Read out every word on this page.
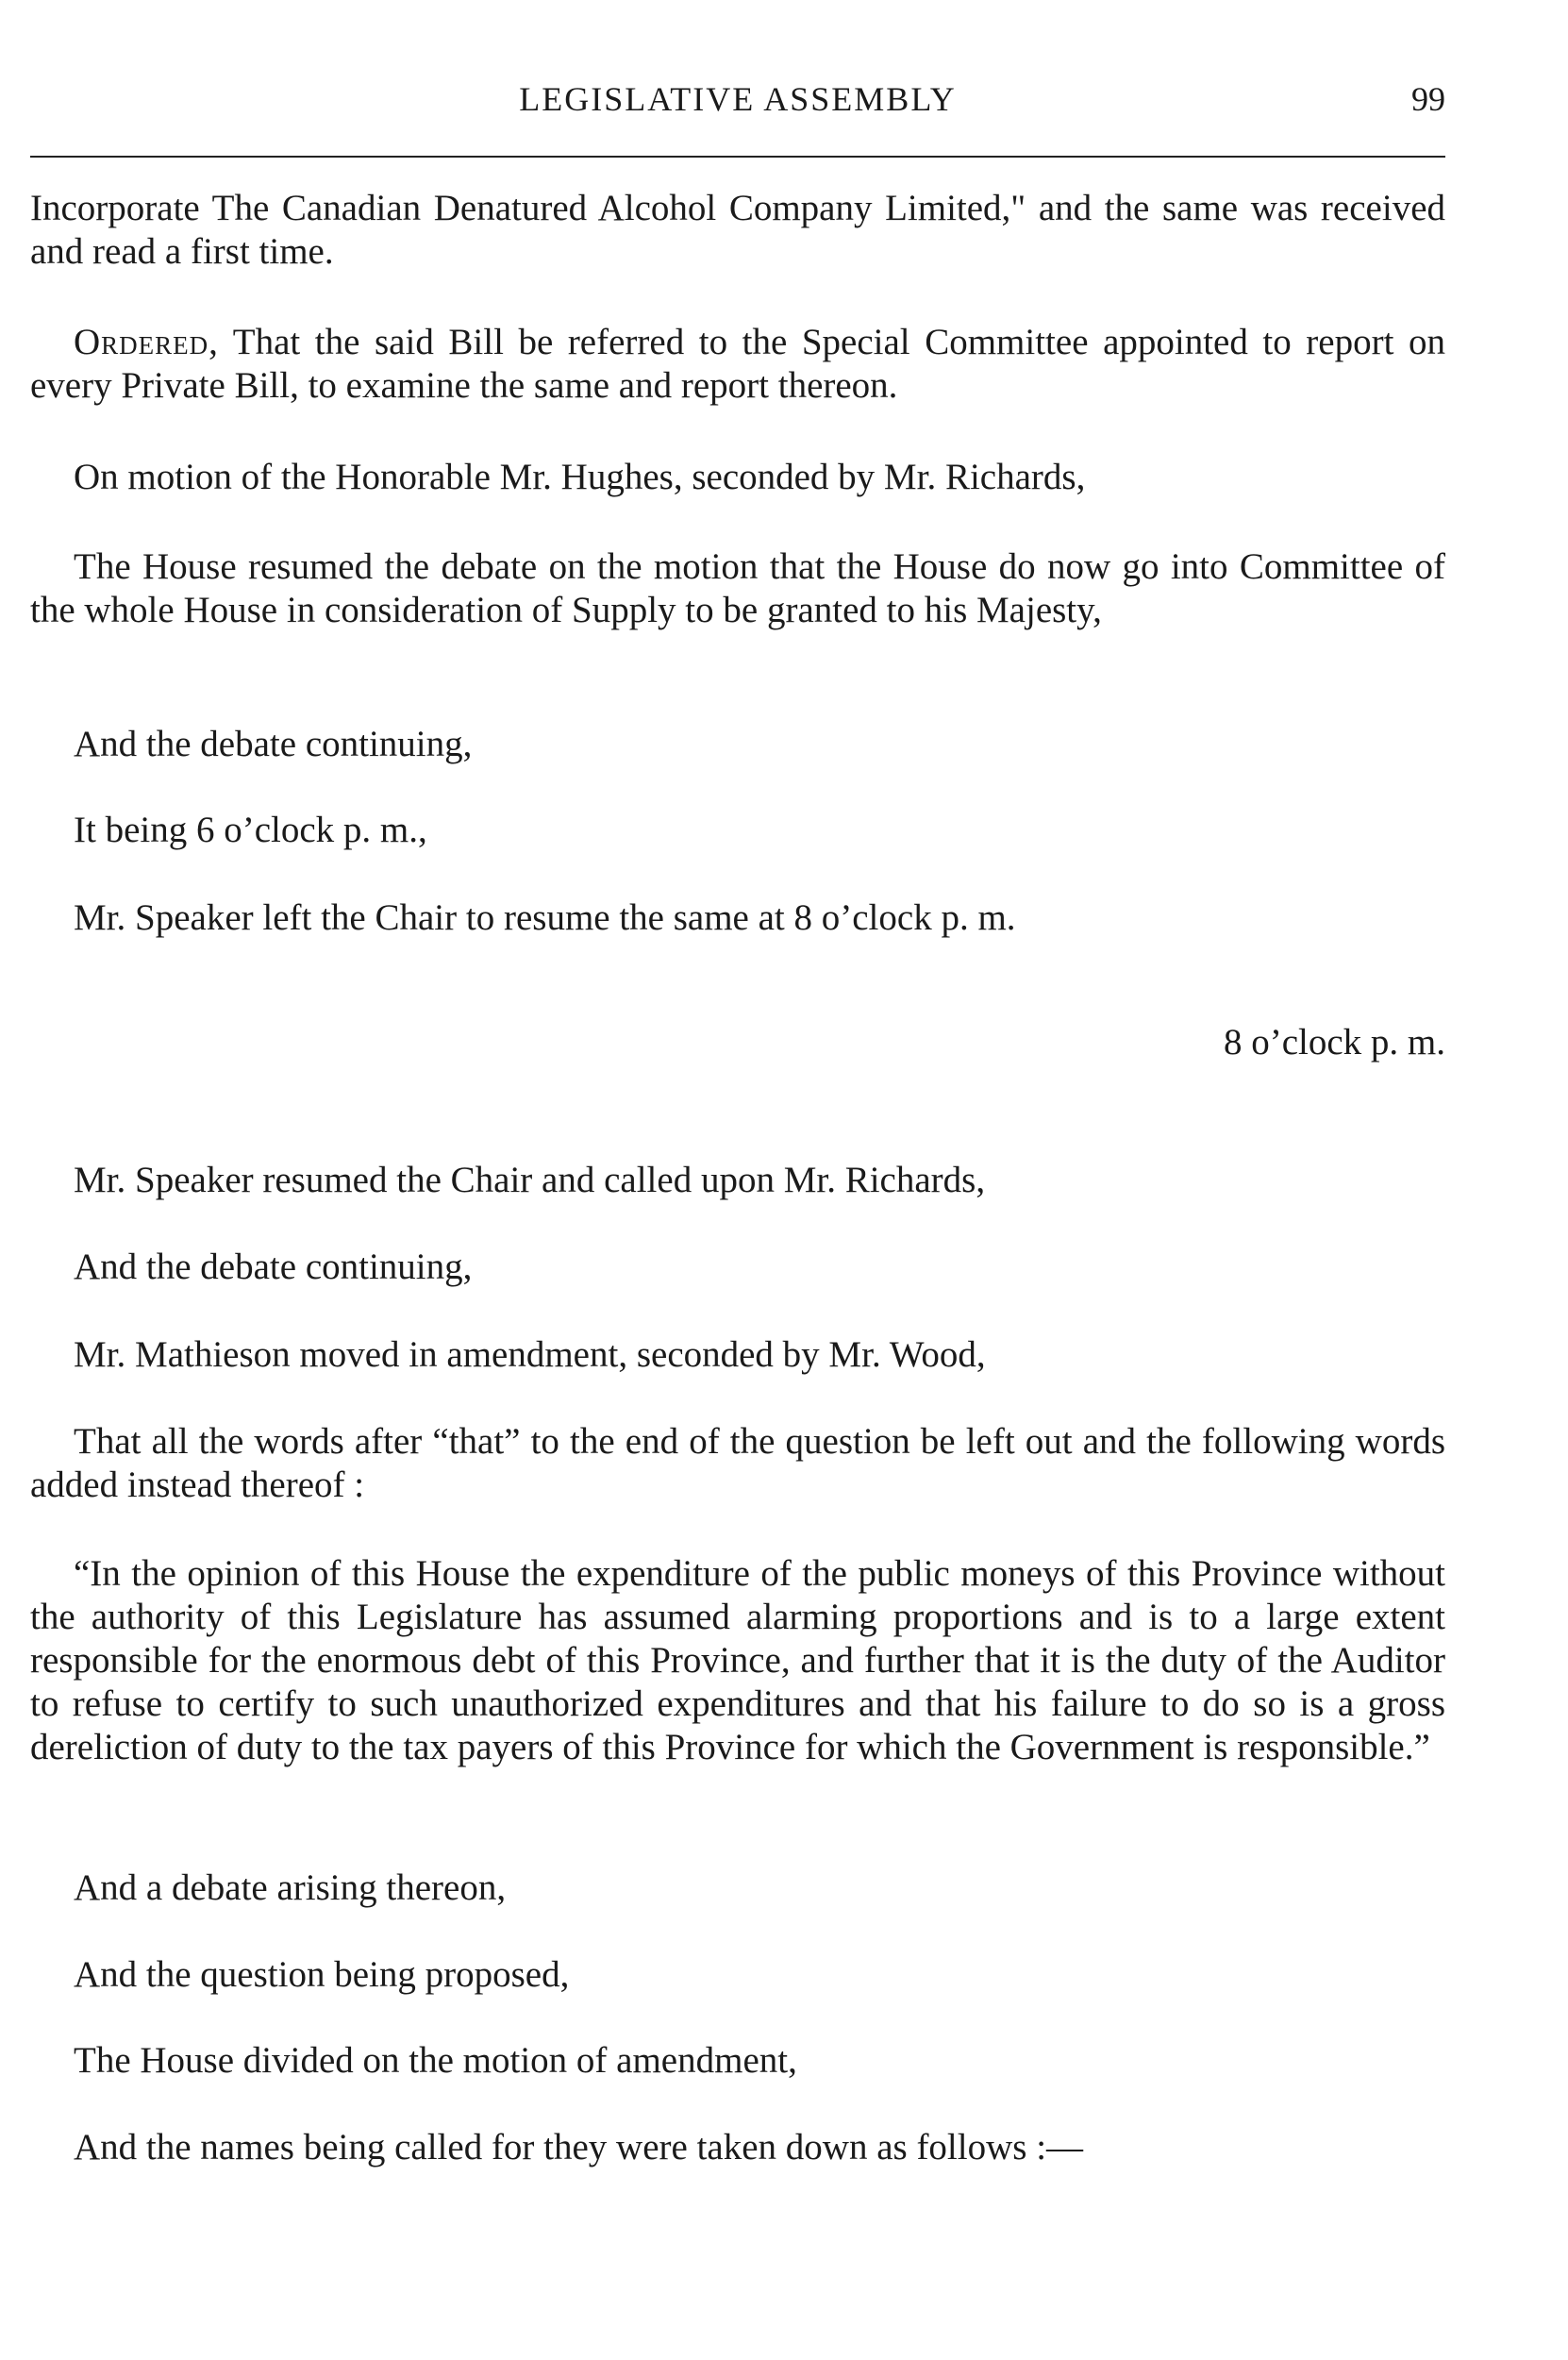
LEGISLATIVE ASSEMBLY	99

Incorporate The Canadian Denatured Alcohol Company Limited," and the same was received and read a first time.

Ordered, That the said Bill be referred to the Special Committee appointed to report on every Private Bill, to examine the same and report thereon.

On motion of the Honorable Mr. Hughes, seconded by Mr. Richards,

The House resumed the debate on the motion that the House do now go into Committee of the whole House in consideration of Supply to be granted to his Majesty,

And the debate continuing,

It being 6 o’clock p. m.,

Mr. Speaker left the Chair to resume the same at 8 o’clock p. m.

8 o’clock p. m.

Mr. Speaker resumed the Chair and called upon Mr. Richards,

And the debate continuing,

Mr. Mathieson moved in amendment, seconded by Mr. Wood,

That all the words after “that” to the end of the question be left out and the following words added instead thereof :

“In the opinion of this House the expenditure of the public moneys of this Province without the authority of this Legislature has assumed alarming proportions and is to a large extent responsible for the enormous debt of this Province, and further that it is the duty of the Auditor to refuse to certify to such unauthorized expenditures and that his failure to do so is a gross dereliction of duty to the tax payers of this Province for which the Government is responsible.”

And a debate arising thereon,

And the question being proposed,

The House divided on the motion of amendment,

And the names being called for they were taken down as follows :—
